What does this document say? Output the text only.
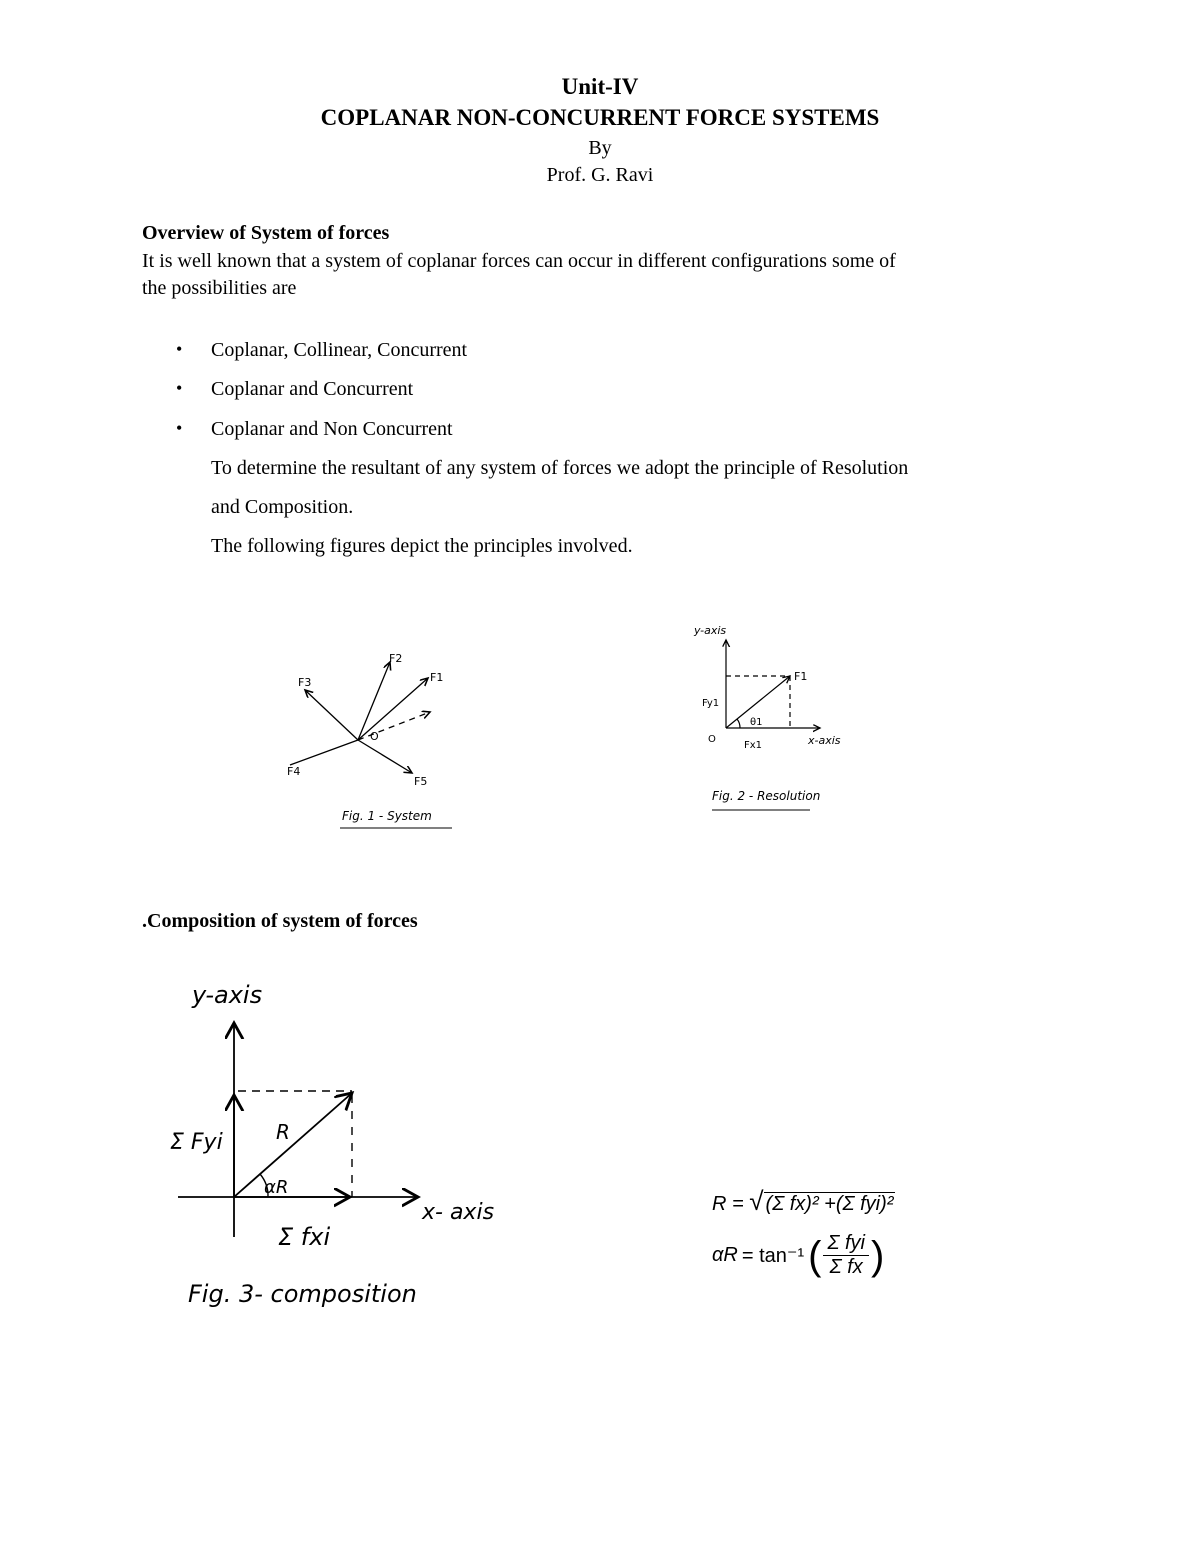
Unit-IV
COPLANAR NON-CONCURRENT FORCE SYSTEMS
By
Prof. G. Ravi
Overview of System of forces
It is well known that a system of coplanar forces can occur in different configurations some of
the possibilities are
• Coplanar, Collinear, Concurrent
• Coplanar and Concurrent
• Coplanar and Non Concurrent
To determine the resultant of any system of forces we adopt the principle of Resolution
and Composition.
The following figures depict the principles involved.
F2
F1
F3
F4
F5
O
Fig. 1 - System
y-axis
F1
Fy1
θ1
O
Fx1	x-axis
Fig. 2 - Resolution
.Composition of system of forces
y-axis
R
αR
Σ Fyi
Σ fxi
x- axis
Fig. 3- composition
R = √ (Σ fx)² +(Σ fyi)²
αR = tan⁻¹ ( Σ fyi
Σ fx )
